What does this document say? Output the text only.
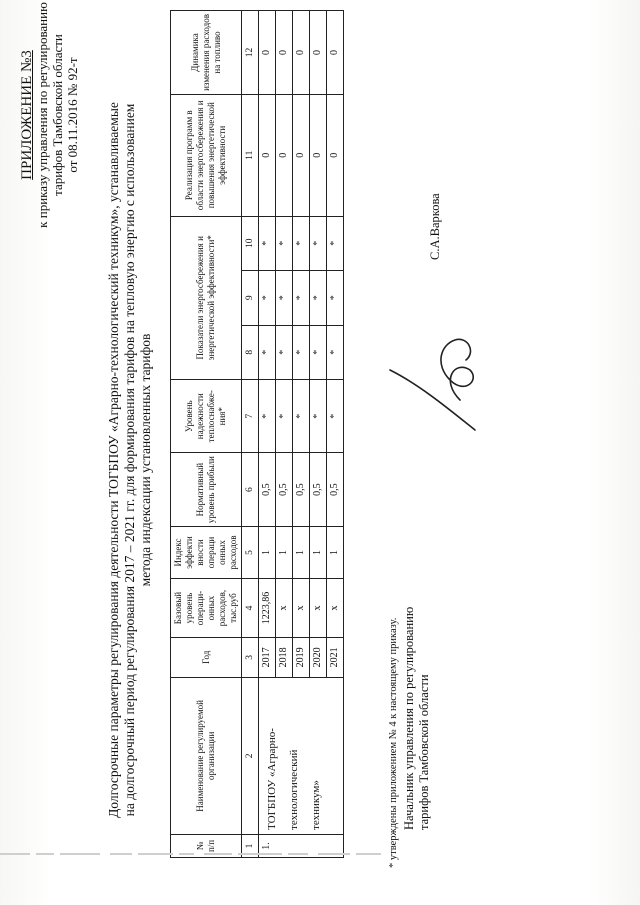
ПРИЛОЖЕНИЕ №3 к приказу управления по регулированию тарифов Тамбовской области от 08.11.2016 № 92-т Долгосрочные параметры регулирования деятельности ТОГБПОУ «Аграрно-технологический техникум», устанавливаемые на долгосрочный период регулирования 2017 – 2021 гг. для формирования тарифов на тепловую энергию с использованием метода индексации установленных тарифов
№ п/п	Наименование регулируемой организации	Год	Базовый уровень операци-онных расходов, тыс.руб	Индекс эффекти вности операци онных расходов	Нормативный уровень прибыли	Уровень надежности теплоснабже-ния*	Показатели энергосбережения и энергетической эффективности*			Реализация программ в области энергосбережения и повышения энергетической эффективности	Динамика изменения расходов на топливо
1	2	3	4	5	6	7	8	9	10	11	12
1.	ТОГБПОУ «Аграрно- технологический техникум»	2017	1223,86	1	0,5	*	*	*	*	0	0
		2018	х	1	0,5	*	*	*	*	0	0
		2019	х	1	0,5	*	*	*	*	0	0
		2020	х	1	0,5	*	*	*	*	0	0
		2021	х	1	0,5	*	*	*	*	0	0
* утверждены приложением № 4 к настоящему приказу. Начальник управления по регулированию тарифов Тамбовской области
С.А.Варкова
